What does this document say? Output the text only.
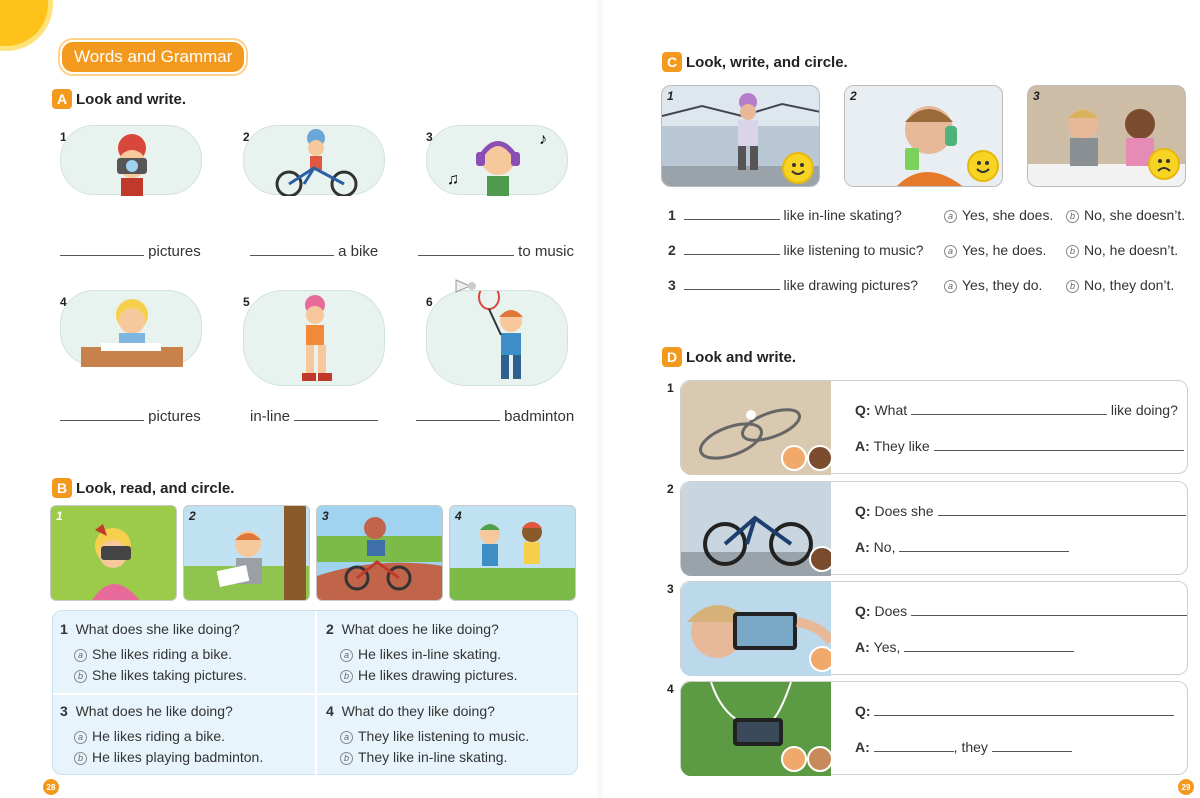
Words and Grammar
A Look and write.
1	2	3
♫
♪
pictures	a bike	to music
4	5	6
pictures	in-line	badminton
B Look, read, and circle.
1	2	3	4
1 What does she like doing?
a She likes riding a bike.
b She likes taking pictures.
2 What does he like doing?
a He likes in-line skating.
b He likes drawing pictures.
3 What does he like doing?
a He likes riding a bike.
b He likes playing badminton.
4 What do they like doing?
a They like listening to music.
b They like in-line skating.
28
C Look, write, and circle.
1	2	3
1	like in-line skating?	a Yes, she does.	b No, she doesn’t.
2	like listening to music?	a Yes, he does.	b No, he doesn’t.
3	like drawing pictures?	a Yes, they do.	b No, they don’t.
D Look and write.
1
Q: What	like doing?
A: They like
2
Q: Does she
A: No,
3
Q: Does
A: Yes,
4
Q:
A:	, they
29
